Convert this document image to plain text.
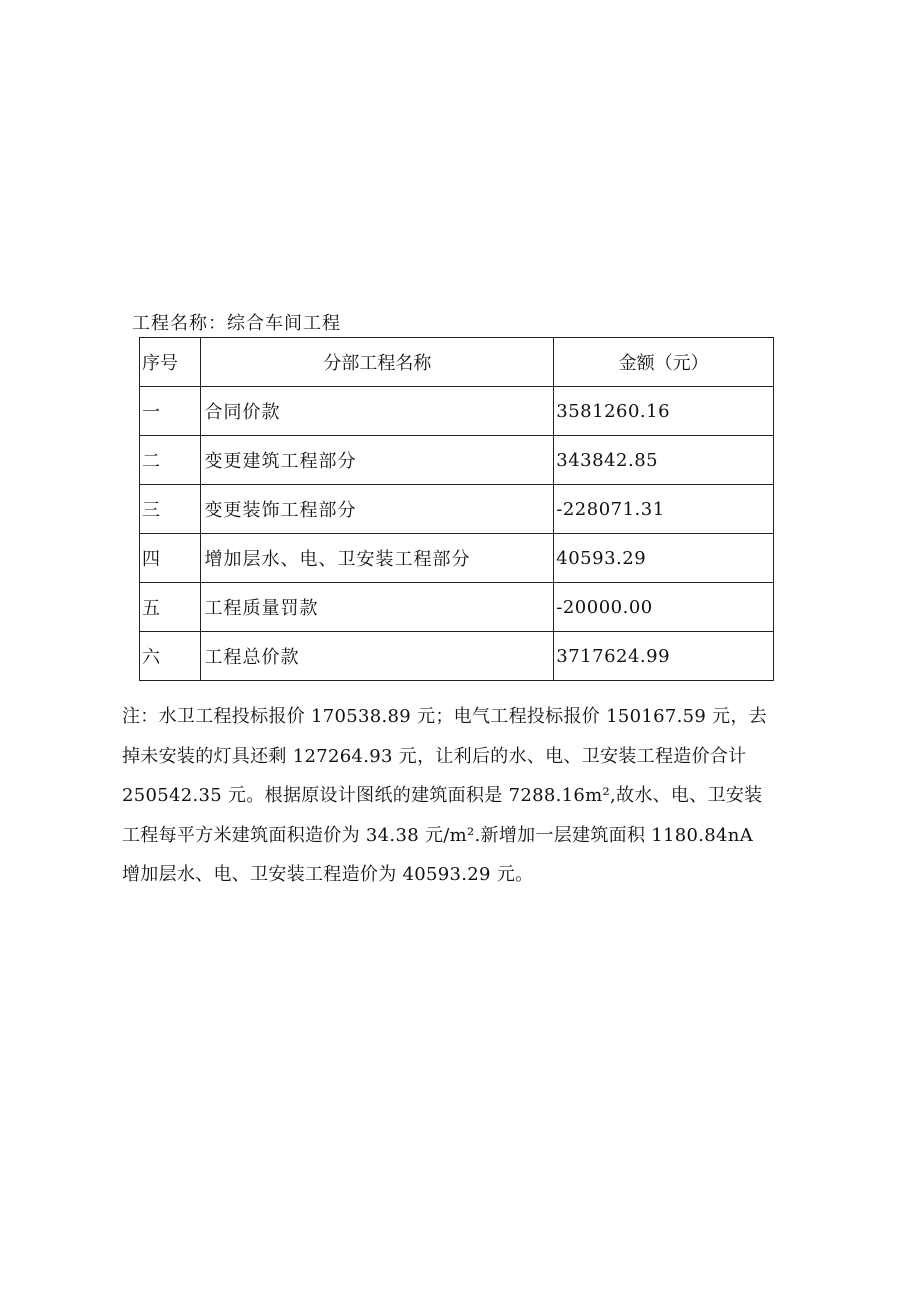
工程名称：综合车间工程
序号	分部工程名称	金额（元）
一	合同价款	3581260.16
二	变更建筑工程部分	343842.85
三	变更装饰工程部分	-228071.31
四	增加层水、电、卫安装工程部分	40593.29
五	工程质量罚款	-20000.00
六	工程总价款	3717624.99
注：水卫工程投标报价 170538.89 元；电气工程投标报价 150167.59 元，去
掉未安装的灯具还剩 127264.93 元，让利后的水、电、卫安装工程造价合计
250542.35 元。根据原设计图纸的建筑面积是 7288.16m²,故水、电、卫安装
工程每平方米建筑面积造价为 34.38 元/m².新增加一层建筑面积 1180.84nA
增加层水、电、卫安装工程造价为 40593.29 元。
